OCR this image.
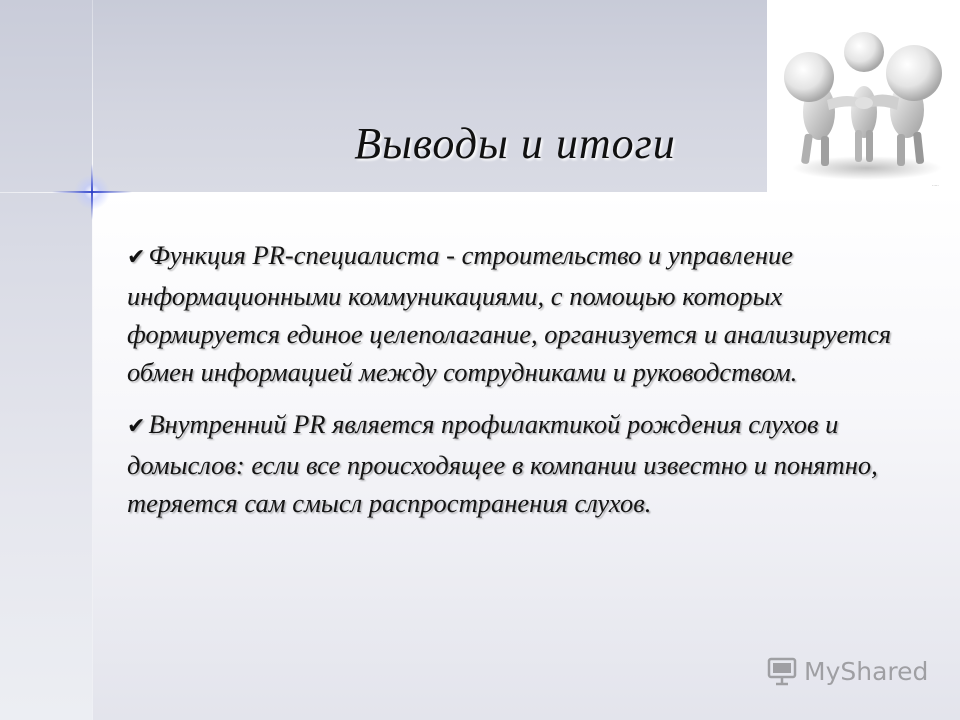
·····
Выводы и итоги
✔ Функция PR-специалиста - строительство и управление информационными коммуникациями, с помощью которых формируется единое целеполагание, организуется и анализируется обмен информацией между сотрудниками и руководством.
✔ Внутренний PR является профилактикой рождения слухов и домыслов: если все происходящее в компании известно и понятно, теряется сам смысл распространения слухов.
MyShared
